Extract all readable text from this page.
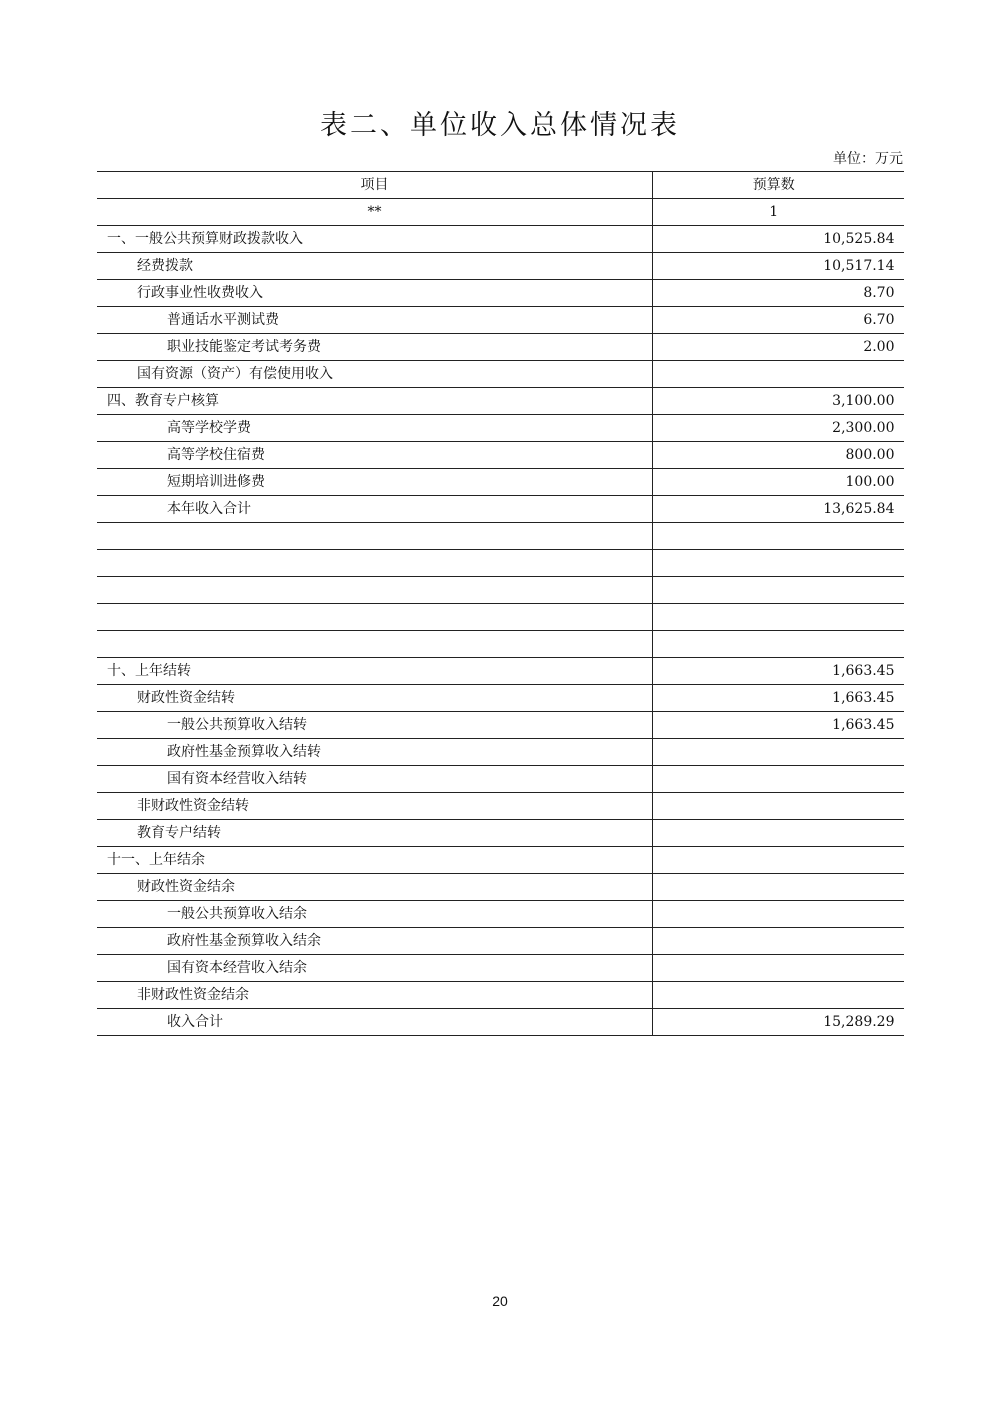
表二、单位收入总体情况表
单位：万元
项目	预算数
**	1
一、一般公共预算财政拨款收入	10,525.84
经费拨款	10,517.14
行政事业性收费收入	8.70
普通话水平测试费	6.70
职业技能鉴定考试考务费	2.00
国有资源（资产）有偿使用收入	
四、教育专户核算	3,100.00
高等学校学费	2,300.00
高等学校住宿费	800.00
短期培训进修费	100.00
本年收入合计	13,625.84

十、上年结转	1,663.45
财政性资金结转	1,663.45
一般公共预算收入结转	1,663.45
政府性基金预算收入结转	
国有资本经营收入结转	
非财政性资金结转	
教育专户结转	
十一、上年结余	
财政性资金结余	
一般公共预算收入结余	
政府性基金预算收入结余	
国有资本经营收入结余	
非财政性资金结余	
收入合计	15,289.29
20
